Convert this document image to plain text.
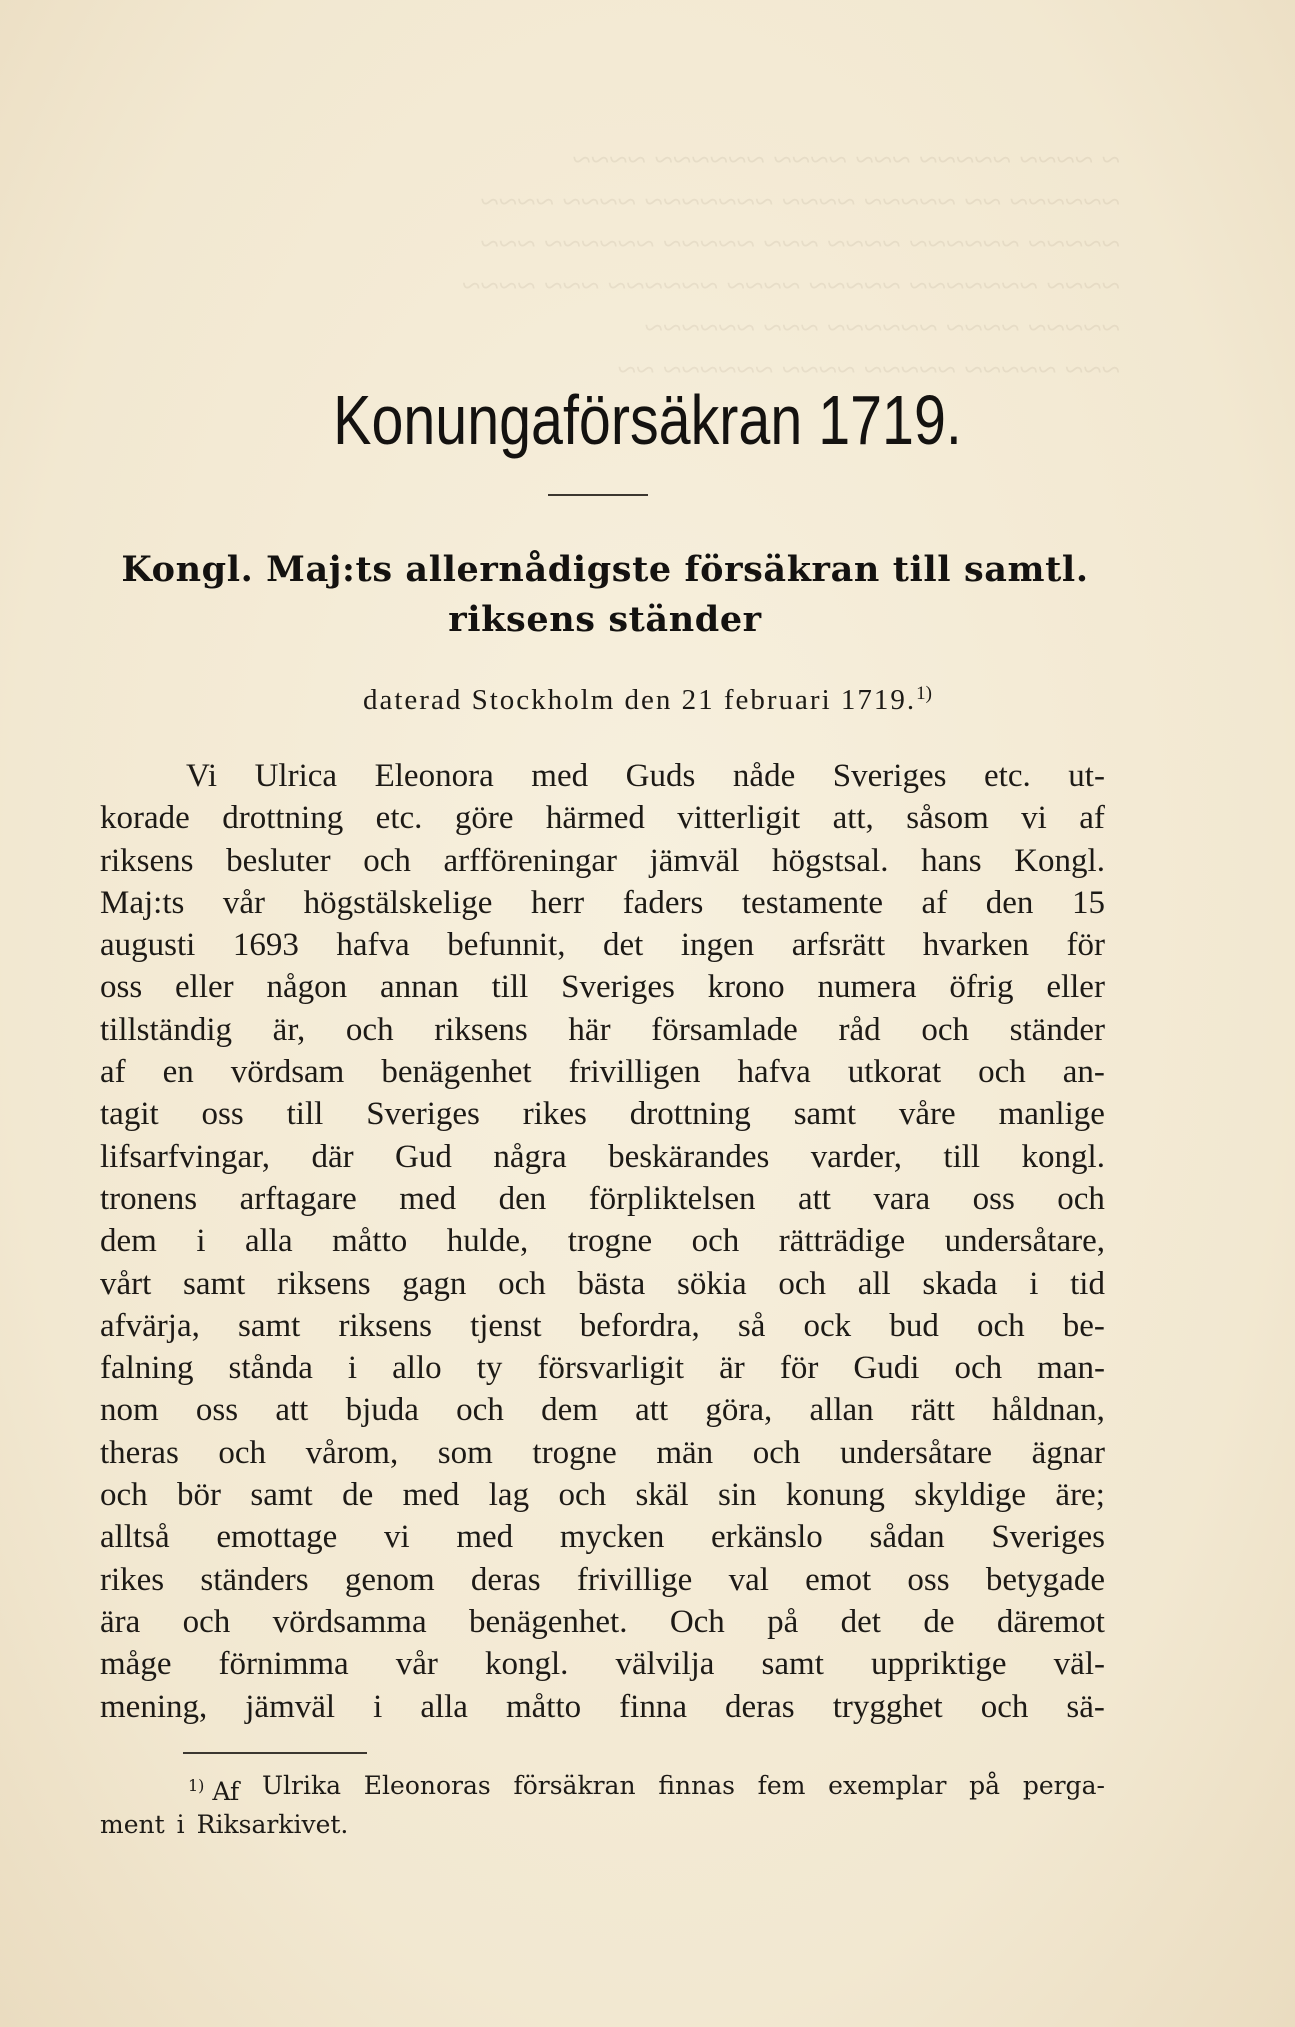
~ ~~~~ ~~~~~ ~~~ ~~~~ ~~~~~~ ~~~~
~~~~~~ ~~ ~~~~~ ~~~~ ~~~~~~~ ~~~~ ~~~~
~~~~~ ~~~~~~ ~~~~ ~~~ ~~~~~ ~~~~~~ ~~~
~~~~ ~~~~~~~ ~~~~~ ~~~~ ~~~~~~ ~~~ ~~~~
~~~~~ ~~~~ ~~~~~~ ~~~ ~~~~~~
~~~ ~~~~~ ~~~~~ ~~~~ ~~~~~~ ~~
Konungaförsäkran 1719.
Kongl. Maj:ts allernådigste försäkran till samtl.
riksens ständer
daterad Stockholm den 21 februari 1719.$^{1)}$
Vi Ulrica Eleonora med Guds nåde Sveriges etc. ut-
korade drottning etc. göre härmed vitterligit att, såsom vi af
riksens besluter och arfföreningar jämväl högstsal. hans Kongl.
Maj:ts vår högstälskelige herr faders testamente af den 15
augusti 1693 hafva befunnit, det ingen arfsrätt hvarken för
oss eller någon annan till Sveriges krono numera öfrig eller
tillständig är, och riksens här församlade råd och ständer
af en vördsam benägenhet frivilligen hafva utkorat och an-
tagit oss till Sveriges rikes drottning samt våre manlige
lifsarfvingar, där Gud några beskärandes varder, till kongl.
tronens arftagare med den förpliktelsen att vara oss och
dem i alla måtto hulde, trogne och rätträdige undersåtare,
vårt samt riksens gagn och bästa sökia och all skada i tid
afvärja, samt riksens tjenst befordra, så ock bud och be-
falning stånda i allo ty försvarligit är för Gudi och man-
nom oss att bjuda och dem att göra, allan rätt håldnan,
theras och vårom, som trogne män och undersåtare ägnar
och bör samt de med lag och skäl sin konung skyldige äre;
alltså emottage vi med mycken erkänslo sådan Sveriges
rikes ständers genom deras frivillige val emot oss betygade
ära och vördsamma benägenhet. Och på det de däremot
måge förnimma vår kongl. välvilja samt uppriktige väl-
mening, jämväl i alla måtto finna deras trygghet och sä-
$^{1)}$ Af Ulrika Eleonoras försäkran finnas fem exemplar på perga-
ment i Riksarkivet.
